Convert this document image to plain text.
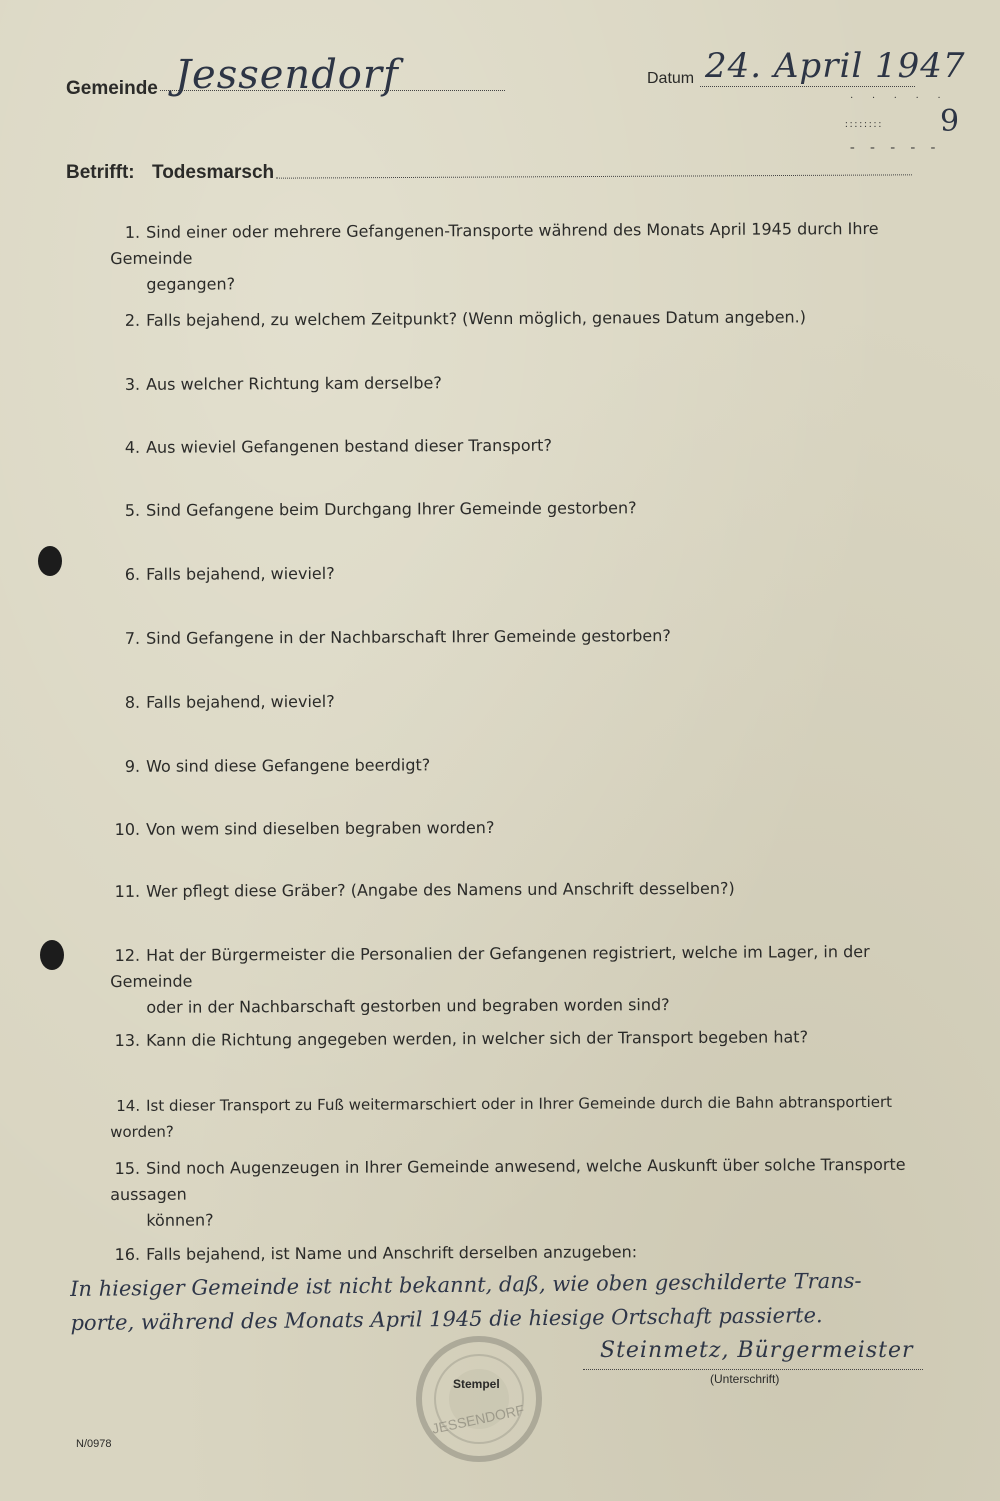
Gemeinde Jessendorf	Datum 24. April 1947
· · · · ·
:::::::: 9
- - - - -
Betrifft: Todesmarsch
1. Sind einer oder mehrere Gefangenen-Transporte während des Monats April 1945 durch Ihre Gemeinde
gegangen?
2. Falls bejahend, zu welchem Zeitpunkt? (Wenn möglich, genaues Datum angeben.)
3. Aus welcher Richtung kam derselbe?
4. Aus wieviel Gefangenen bestand dieser Transport?
5. Sind Gefangene beim Durchgang Ihrer Gemeinde gestorben?
6. Falls bejahend, wieviel?
7. Sind Gefangene in der Nachbarschaft Ihrer Gemeinde gestorben?
8. Falls bejahend, wieviel?
9. Wo sind diese Gefangene beerdigt?
10. Von wem sind dieselben begraben worden?
11. Wer pflegt diese Gräber? (Angabe des Namens und Anschrift desselben?)
12. Hat der Bürgermeister die Personalien der Gefangenen registriert, welche im Lager, in der Gemeinde
oder in der Nachbarschaft gestorben und begraben worden sind?
13. Kann die Richtung angegeben werden, in welcher sich der Transport begeben hat?
14. Ist dieser Transport zu Fuß weitermarschiert oder in Ihrer Gemeinde durch die Bahn abtransportiert worden?
15. Sind noch Augenzeugen in Ihrer Gemeinde anwesend, welche Auskunft über solche Transporte aussagen
können?
16. Falls bejahend, ist Name und Anschrift derselben anzugeben:
In hiesiger Gemeinde ist nicht bekannt, daß, wie oben geschilderte Trans-
porte, während des Monats April 1945 die hiesige Ortschaft passierte.
Steinmetz, Bürgermeister
(Unterschrift)
JESSENDORF
Stempel
N/0978
